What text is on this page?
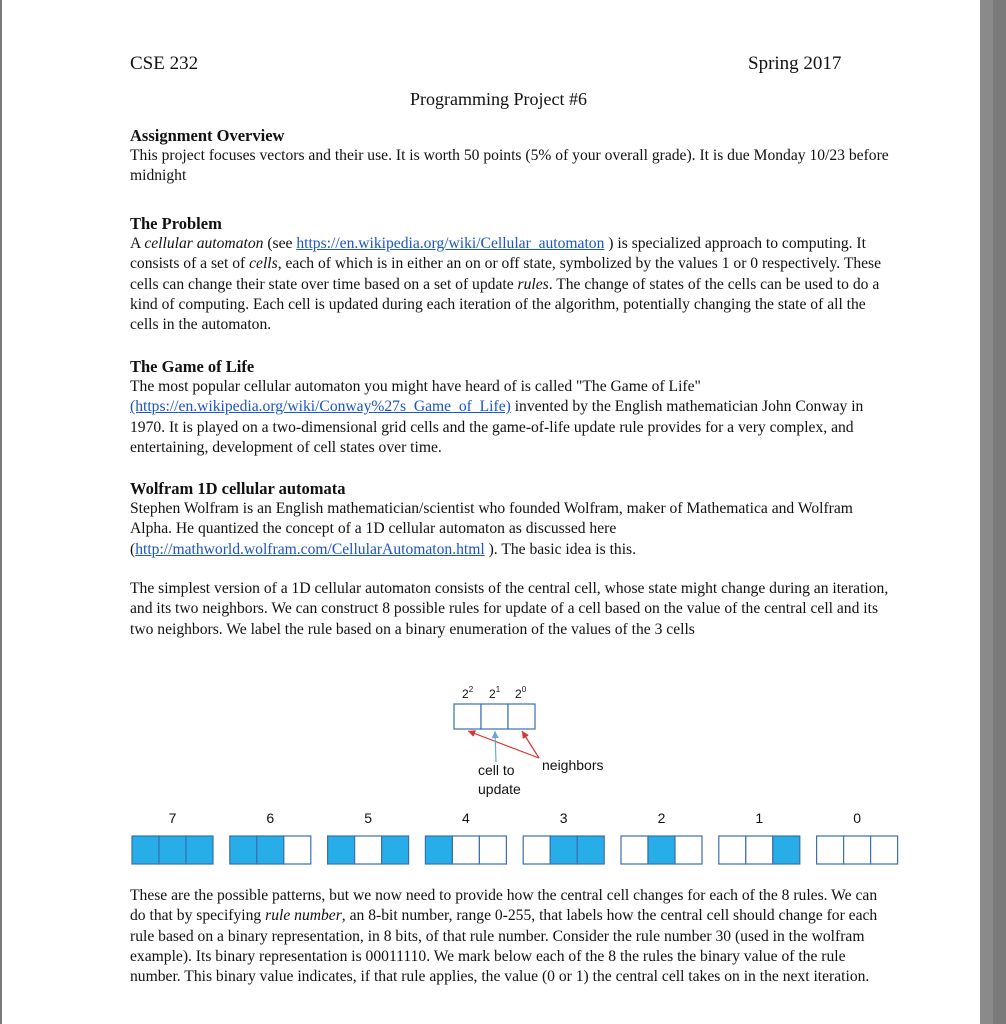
CSE 232	Spring 2017
Programming Project #6
Assignment Overview

This project focuses vectors and their use. It is worth 50 points (5% of your overall grade). It is due Monday 10/23 before midnight

The Problem

A cellular automaton (see https://en.wikipedia.org/wiki/Cellular_automaton ) is specialized approach to computing. It consists of a set of cells, each of which is in either an on or off state, symbolized by the values 1 or 0 respectively. These cells can change their state over time based on a set of update rules. The change of states of the cells can be used to do a kind of computing. Each cell is updated during each iteration of the algorithm, potentially changing the state of all the cells in the automaton.

The Game of Life

The most popular cellular automaton you might have heard of is called "The Game of Life" (https://en.wikipedia.org/wiki/Conway%27s_Game_of_Life) invented by the English mathematician John Conway in 1970. It is played on a two-dimensional grid cells and the game-of-life update rule provides for a very complex, and entertaining, development of cell states over time.

Wolfram 1D cellular automata

Stephen Wolfram is an English mathematician/scientist who founded Wolfram, maker of Mathematica and Wolfram Alpha. He quantized the concept of a 1D cellular automaton as discussed here (http://mathworld.wolfram.com/CellularAutomaton.html ). The basic idea is this.

The simplest version of a 1D cellular automaton consists of the central cell, whose state might change during an iteration, and its two neighbors. We can construct 8 possible rules for update of a cell based on the value of the central cell and its two neighbors. We label the rule based on a binary enumeration of the values of the 3 cells

$2^2$ $2^1$ $2^0$
cell to
update
neighbors
7	6	5	4	3	2	1	0

These are the possible patterns, but we now need to provide how the central cell changes for each of the 8 rules. We can do that by specifying rule number, an 8-bit number, range 0-255, that labels how the central cell should change for each rule based on a binary representation, in 8 bits, of that rule number. Consider the rule number 30 (used in the wolfram example). Its binary representation is 00011110. We mark below each of the 8 the rules the binary value of the rule number. This binary value indicates, if that rule applies, the value (0 or 1) the central cell takes on in the next iteration.
